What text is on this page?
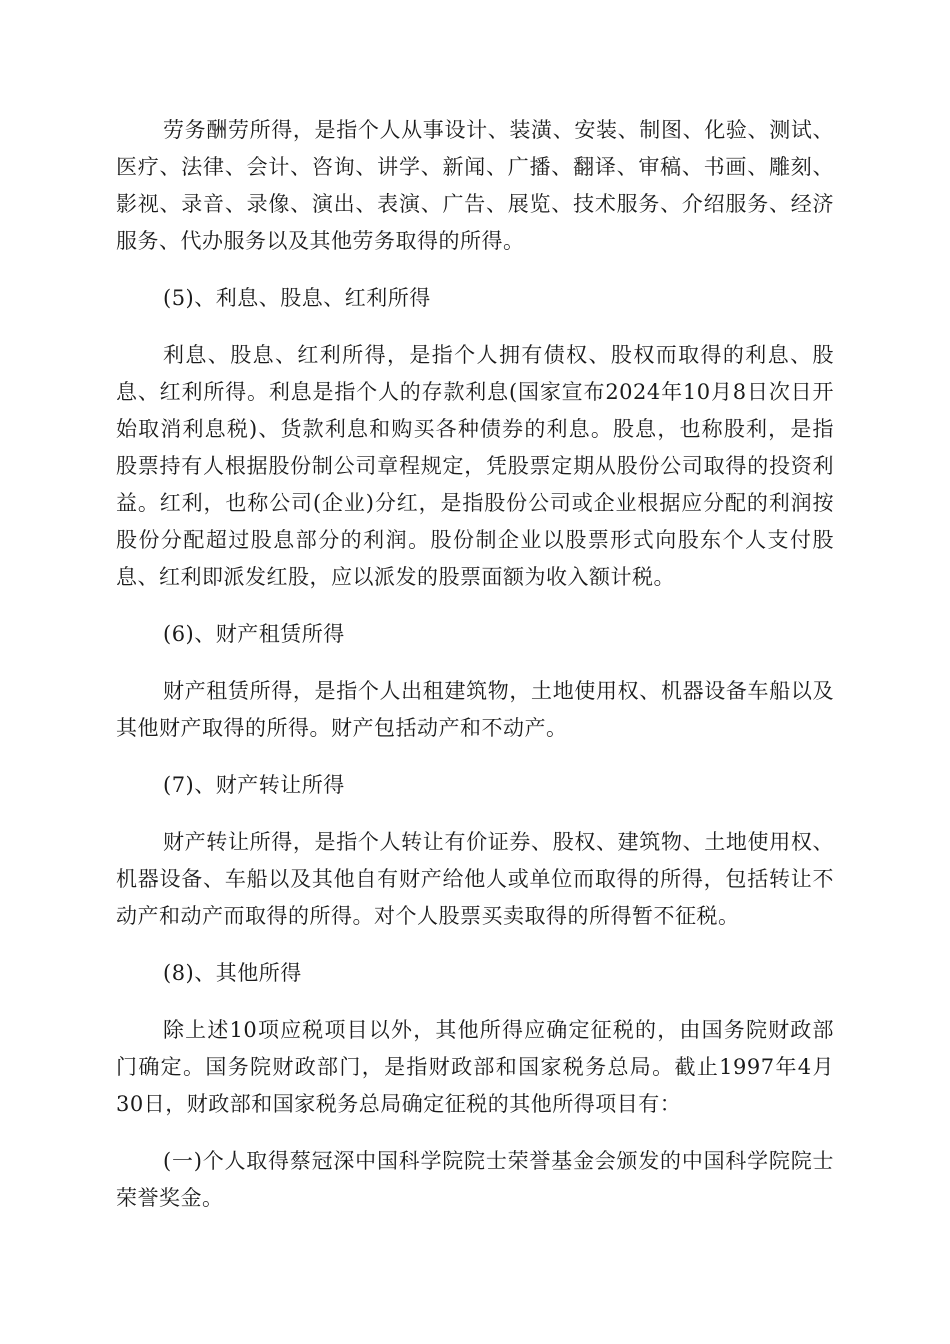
劳务酬劳所得，是指个人从事设计、装潢、安装、制图、化验、测试、医疗、法律、会计、咨询、讲学、新闻、广播、翻译、审稿、书画、雕刻、影视、录音、录像、演出、表演、广告、展览、技术服务、介绍服务、经济服务、代办服务以及其他劳务取得的所得。

(5)、利息、股息、红利所得

利息、股息、红利所得，是指个人拥有债权、股权而取得的利息、股息、红利所得。利息是指个人的存款利息(国家宣布2024年10月8日次日开始取消利息税)、货款利息和购买各种债券的利息。股息，也称股利，是指股票持有人根据股份制公司章程规定，凭股票定期从股份公司取得的投资利益。红利，也称公司(企业)分红，是指股份公司或企业根据应分配的利润按股份分配超过股息部分的利润。股份制企业以股票形式向股东个人支付股息、红利即派发红股，应以派发的股票面额为收入额计税。

(6)、财产租赁所得

财产租赁所得，是指个人出租建筑物，土地使用权、机器设备车船以及其他财产取得的所得。财产包括动产和不动产。

(7)、财产转让所得

财产转让所得，是指个人转让有价证券、股权、建筑物、土地使用权、机器设备、车船以及其他自有财产给他人或单位而取得的所得，包括转让不动产和动产而取得的所得。对个人股票买卖取得的所得暂不征税。

(8)、其他所得

除上述10项应税项目以外，其他所得应确定征税的，由国务院财政部门确定。国务院财政部门，是指财政部和国家税务总局。截止1997年4月30日，财政部和国家税务总局确定征税的其他所得项目有：

(一)个人取得蔡冠深中国科学院院士荣誉基金会颁发的中国科学院院士荣誉奖金。
